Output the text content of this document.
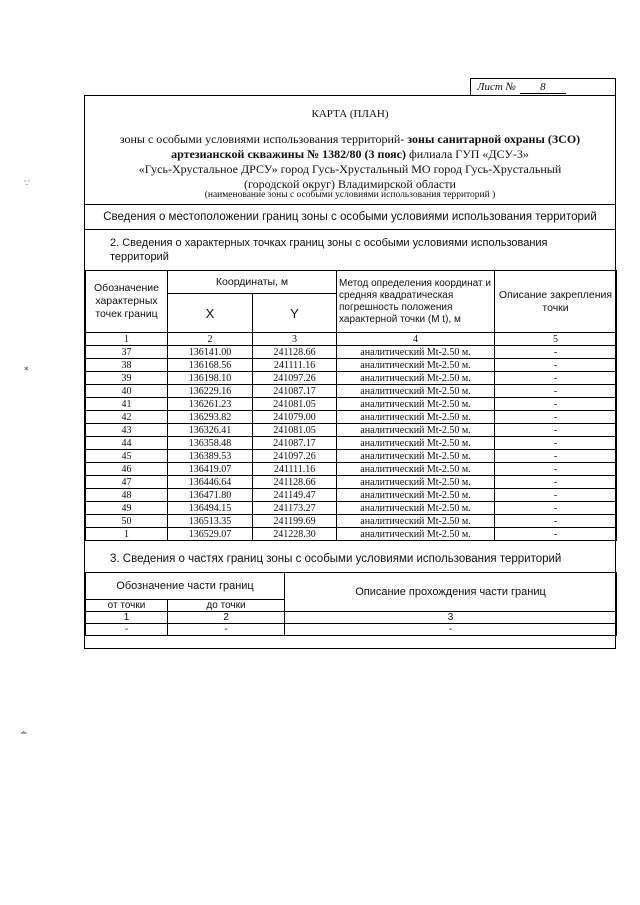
∵
⁎
∸
Лист №	8
КАРТА (ПЛАН)
зоны с особыми условиями использования территорий- зоны санитарной охраны (ЗСО)
артезианской скважины № 1382/80 (3 пояс) филиала ГУП «ДСУ-3»
«Гусь-Хрустальное ДРСУ» город Гусь-Хрустальный МО город Гусь-Хрустальный
(городской округ) Владимирской области
(наименование зоны с особыми условиями использования территорий )
Сведения о местоположении границ зоны с особыми условиями использования территорий
2. Сведения о характерных точках границ зоны с особыми условиями использования территорий
Обозначение характерных точек границ	Координаты, м		Метод определения координат и средняя квадратическая погрешность положения характерной точки (M t), м	Описание закрепления точки
	X	Y		
1	2	3	4	5
37	136141.00	241128.66	аналитический Mt-2.50 м.	-
38	136168.56	241111.16	аналитический Mt-2.50 м.	-
39	136198.10	241097.26	аналитический Mt-2.50 м.	-
40	136229.16	241087.17	аналитический Mt-2.50 м.	-
41	136261.23	241081.05	аналитический Mt-2.50 м.	-
42	136293.82	241079.00	аналитический Mt-2.50 м.	-
43	136326.41	241081.05	аналитический Mt-2.50 м.	-
44	136358.48	241087.17	аналитический Mt-2.50 м.	-
45	136389.53	241097.26	аналитический Mt-2.50 м.	-
46	136419.07	241111.16	аналитический Mt-2.50 м.	-
47	136446.64	241128.66	аналитический Mt-2.50 м.	-
48	136471.80	241149.47	аналитический Mt-2.50 м.	-
49	136494.15	241173.27	аналитический Mt-2.50 м.	-
50	136513.35	241199.69	аналитический Mt-2.50 м.	-
1	136529.07	241228.30	аналитический Mt-2.50 м.	-
3. Сведения о частях границ зоны с особыми условиями использования территорий
Обозначение части границ		Описание прохождения части границ
от точки	до точки	
1	2	3
-	-	-
